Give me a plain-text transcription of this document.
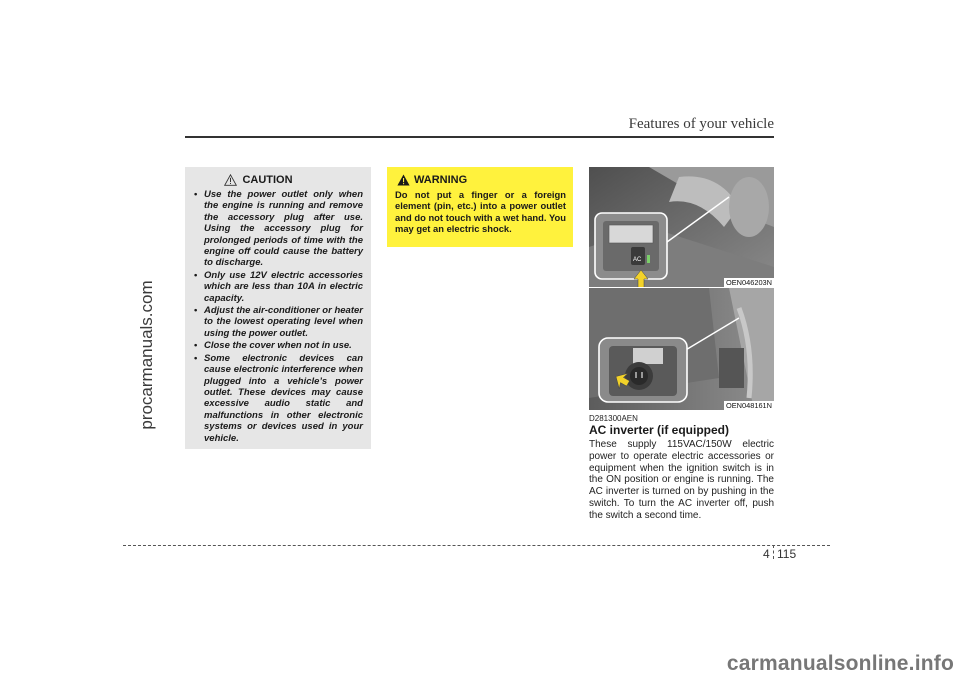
procarmanuals.com
Features of your vehicle
CAUTION
• Use the power outlet only when the engine is running and remove the accessory plug after use. Using the accessory plug for prolonged periods of time with the engine off could cause the battery to discharge.
• Only use 12V electric accessories which are less than 10A in electric capacity.
• Adjust the air-conditioner or heater to the lowest operating level when using the power outlet.
• Close the cover when not in use.
• Some electronic devices can cause electronic interference when plugged into a vehicle’s power outlet. These devices may cause excessive audio static and malfunctions in other electronic systems or devices used in your vehicle.
WARNING
Do not put a finger or a foreign element (pin, etc.) into a power outlet and do not touch with a wet hand. You may get an electric shock.
AC
OEN046203N
OEN048161N
D281300AEN
AC inverter (if equipped)
These supply 115VAC/150W electric power to operate electric accessories or equipment when the ignition switch is in the ON position or engine is running. The AC inverter is turned on by pushing in the switch. To turn the AC inverter off, push the switch a second time.
4 115
carmanualsonline.info
